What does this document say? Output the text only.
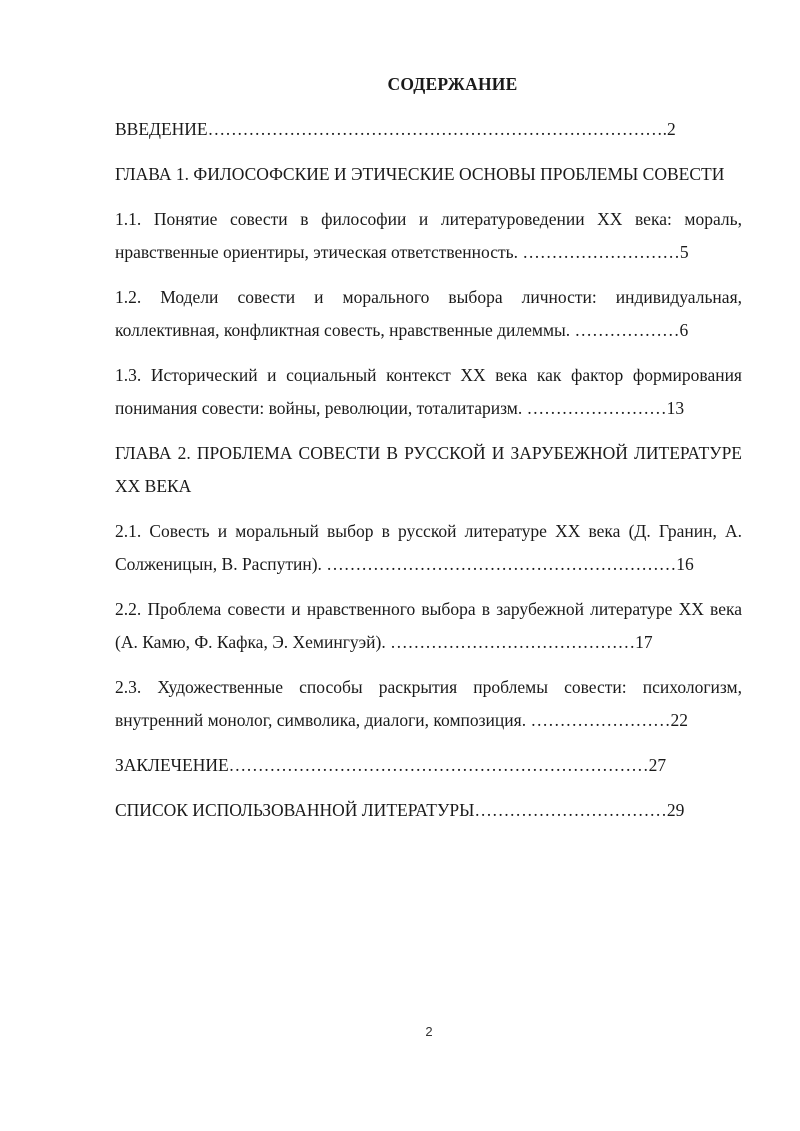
СОДЕРЖАНИЕ
ВВЕДЕНИЕ…………………………………………………………………….2
ГЛАВА 1. ФИЛОСОФСКИЕ И ЭТИЧЕСКИЕ ОСНОВЫ ПРОБЛЕМЫ СОВЕСТИ
1.1. Понятие совести в философии и литературоведении XX века: мораль, нравственные ориентиры, этическая ответственность. ………………………5
1.2. Модели совести и морального выбора личности: индивидуальная, коллективная, конфликтная совесть, нравственные дилеммы. ………………6
1.3. Исторический и социальный контекст XX века как фактор формирования понимания совести: войны, революции, тоталитаризм. ……………………13
ГЛАВА 2. ПРОБЛЕМА СОВЕСТИ В РУССКОЙ И ЗАРУБЕЖНОЙ ЛИТЕРАТУРЕ XX ВЕКА
2.1. Совесть и моральный выбор в русской литературе XX века (Д. Гранин, А. Солженицын, В. Распутин). ……………………………………………………16
2.2. Проблема совести и нравственного выбора в зарубежной литературе XX века (А. Камю, Ф. Кафка, Э. Хемингуэй). ……………………………………17
2.3. Художественные способы раскрытия проблемы совести: психологизм, внутренний монолог, символика, диалоги, композиция. ……………………22
ЗАКЛЕЧЕНИЕ………………………………………………………………27
СПИСОК ИСПОЛЬЗОВАННОЙ ЛИТЕРАТУРЫ……………………………29
2
